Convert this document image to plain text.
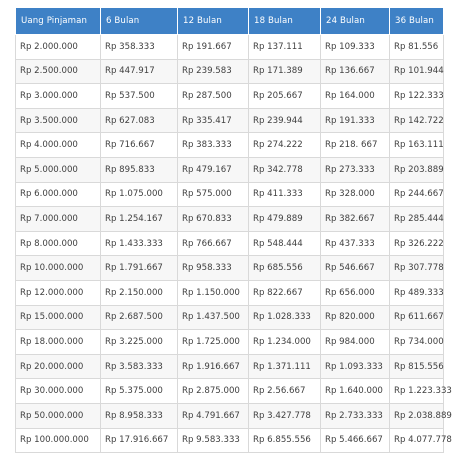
Uang Pinjaman	6 Bulan	12 Bulan	18 Bulan	24 Bulan	36 Bulan
Rp 2.000.000	Rp 358.333	Rp 191.667	Rp 137.111	Rp 109.333	Rp 81.556
Rp 2.500.000	Rp 447.917	Rp 239.583	Rp 171.389	Rp 136.667	Rp 101.944
Rp 3.000.000	Rp 537.500	Rp 287.500	Rp 205.667	Rp 164.000	Rp 122.333
Rp 3.500.000	Rp 627.083	Rp 335.417	Rp 239.944	Rp 191.333	Rp 142.722
Rp 4.000.000	Rp 716.667	Rp 383.333	Rp 274.222	Rp 218. 667	Rp 163.111
Rp 5.000.000	Rp 895.833	Rp 479.167	Rp 342.778	Rp 273.333	Rp 203.889
Rp 6.000.000	Rp 1.075.000	Rp 575.000	Rp 411.333	Rp 328.000	Rp 244.667
Rp 7.000.000	Rp 1.254.167	Rp 670.833	Rp 479.889	Rp 382.667	Rp 285.444
Rp 8.000.000	Rp 1.433.333	Rp 766.667	Rp 548.444	Rp 437.333	Rp 326.222
Rp 10.000.000	Rp 1.791.667	Rp 958.333	Rp 685.556	Rp 546.667	Rp 307.778
Rp 12.000.000	Rp 2.150.000	Rp 1.150.000	Rp 822.667	Rp 656.000	Rp 489.333
Rp 15.000.000	Rp 2.687.500	Rp 1.437.500	Rp 1.028.333	Rp 820.000	Rp 611.667
Rp 18.000.000	Rp 3.225.000	Rp 1.725.000	Rp 1.234.000	Rp 984.000	Rp 734.000
Rp 20.000.000	Rp 3.583.333	Rp 1.916.667	Rp 1.371.111	Rp 1.093.333	Rp 815.556
Rp 30.000.000	Rp 5.375.000	Rp 2.875.000	Rp 2.56.667	Rp 1.640.000	Rp 1.223.333
Rp 50.000.000	Rp 8.958.333	Rp 4.791.667	Rp 3.427.778	Rp 2.733.333	Rp 2.038.889
Rp 100.000.000	Rp 17.916.667	Rp 9.583.333	Rp 6.855.556	Rp 5.466.667	Rp 4.077.778
